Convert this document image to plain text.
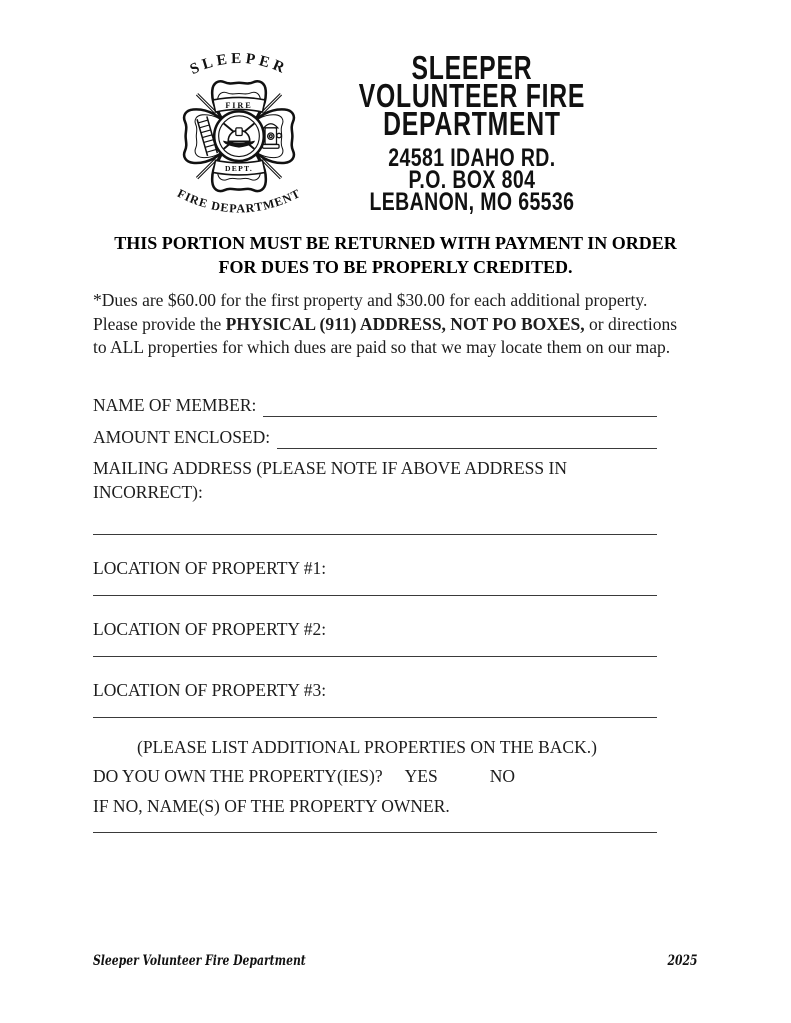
FIRE
DEPT.
SLEEPER
FIRE DEPARTMENT
SLEEPER
VOLUNTEER FIRE
DEPARTMENT
24581 IDAHO RD.
P.O. BOX 804
LEBANON, MO 65536
THIS PORTION MUST BE RETURNED WITH PAYMENT IN ORDER
FOR DUES TO BE PROPERLY CREDITED.

*Dues are $60.00 for the first property and $30.00 for each additional property. Please provide the PHYSICAL (911) ADDRESS, NOT PO BOXES, or directions to ALL properties for which dues are paid so that we may locate them on our map.

NAME OF MEMBER:
AMOUNT ENCLOSED:
MAILING ADDRESS (PLEASE NOTE IF ABOVE ADDRESS IN
INCORRECT):
LOCATION OF PROPERTY #1:
LOCATION OF PROPERTY #2:
LOCATION OF PROPERTY #3:
(PLEASE LIST ADDITIONAL PROPERTIES ON THE BACK.)
DO YOU OWN THE PROPERTY(IES)? YES	NO
IF NO, NAME(S) OF THE PROPERTY OWNER.
Sleeper Volunteer Fire Department	2025
